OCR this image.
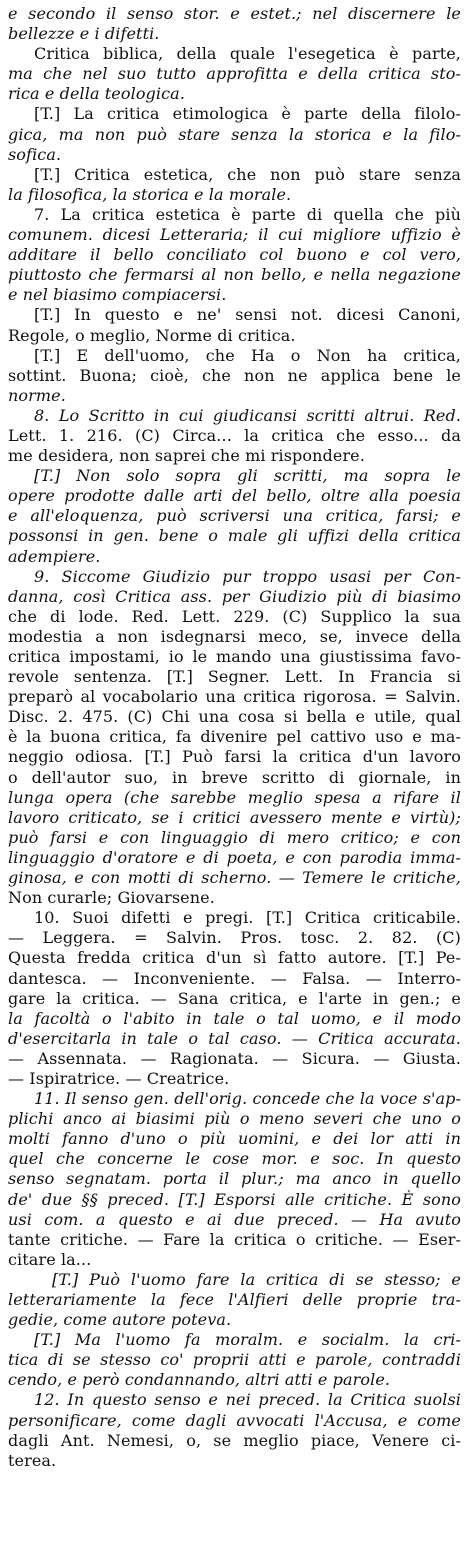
e secondo il senso stor. e estet.; nel discernere le
bellezze e i difetti.
Critica biblica, della quale l'esegetica è parte,
ma che nel suo tutto approfitta e della critica sto-
rica e della teologica.
[T.] La critica etimologica è parte della filolo-
gica, ma non può stare senza la storica e la filo-
sofica.
[T.] Critica estetica, che non può stare senza
la filosofica, la storica e la morale.
7. La critica estetica è parte di quella che più
comunem. dicesi Letteraria; il cui migliore uffizio è
additare il bello conciliato col buono e col vero,
piuttosto che fermarsi al non bello, e nella negazione
e nel biasimo compiacersi.
[T.] In questo e ne' sensi not. dicesi Canoni,
Regole, o meglio, Norme di critica.
[T.] E dell'uomo, che Ha o Non ha critica,
sottint. Buona; cioè, che non ne applica bene le
norme.
8. Lo Scritto in cui giudicansi scritti altrui. Red.
Lett. 1. 216. (C) Circa... la critica che esso... da
me desidera, non saprei che mi rispondere.
[T.] Non solo sopra gli scritti, ma sopra le
opere prodotte dalle arti del bello, oltre alla poesia
e all'eloquenza, può scriversi una critica, farsi; e
possonsi in gen. bene o male gli uffizi della critica
adempiere.
9. Siccome Giudizio pur troppo usasi per Con-
danna, così Critica ass. per Giudizio più di biasimo
che di lode. Red. Lett. 229. (C) Supplico la sua
modestia a non isdegnarsi meco, se, invece della
critica impostami, io le mando una giustissima favo-
revole sentenza. [T.] Segner. Lett. In Francia si
preparò al vocabolario una critica rigorosa. = Salvin.
Disc. 2. 475. (C) Chi una cosa si bella e utile, qual
è la buona critica, fa divenire pel cattivo uso e ma-
neggio odiosa. [T.] Può farsi la critica d'un lavoro
o dell'autor suo, in breve scritto di giornale, in
lunga opera (che sarebbe meglio spesa a rifare il
lavoro criticato, se i critici avessero mente e virtù);
può farsi e con linguaggio di mero critico; e con
linguaggio d'oratore e di poeta, e con parodia imma-
ginosa, e con motti di scherno. — Temere le critiche,
Non curarle; Giovarsene.
10. Suoi difetti e pregi. [T.] Critica criticabile.
— Leggera. = Salvin. Pros. tosc. 2. 82. (C)
Questa fredda critica d'un sì fatto autore. [T.] Pe-
dantesca. — Inconveniente. — Falsa. — Interro-
gare la critica. — Sana critica, e l'arte in gen.; e
la facoltà o l'abito in tale o tal uomo, e il modo
d'esercitarla in tale o tal caso. — Critica accurata.
— Assennata. — Ragionata. — Sicura. — Giusta.
— Ispiratrice. — Creatrice.
11. Il senso gen. dell'orig. concede che la voce s'ap-
plichi anco ai biasimi più o meno severi che uno o
molti fanno d'uno o più uomini, e dei lor atti in
quel che concerne le cose mor. e soc. In questo
senso segnatam. porta il plur.; ma anco in quello
de' due §§ preced. [T.] Esporsi alle critiche. È sono
usi com. a questo e ai due preced. — Ha avuto
tante critiche. — Fare la critica o critiche. — Eser-
citare la...
[T.] Può l'uomo fare la critica di se stesso; e
letterariamente la fece l'Alfieri delle proprie tra-
gedie, come autore poteva.
[T.] Ma l'uomo fa moralm. e socialm. la cri-
tica di se stesso co' proprii atti e parole, contraddi
cendo, e però condannando, altri atti e parole.
12. In questo senso e nei preced. la Critica suolsi
personificare, come dagli avvocati l'Accusa, e come
dagli Ant. Nemesi, o, se meglio piace, Venere ci-
terea.
